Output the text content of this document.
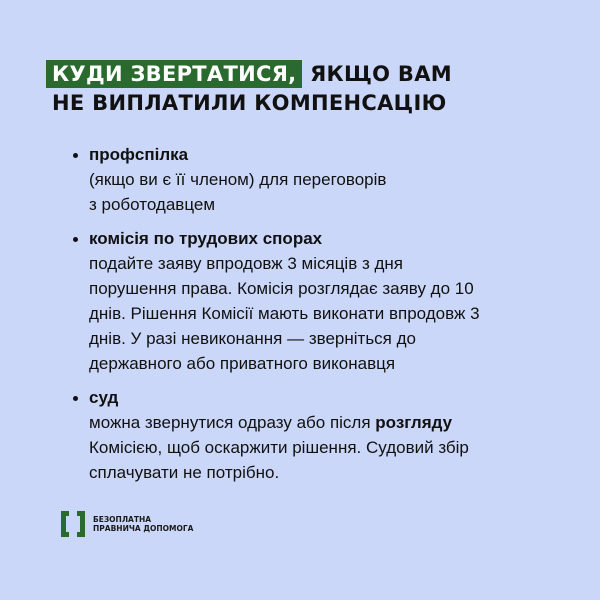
КУДИ ЗВЕРТАТИСЯ, ЯКЩО ВАМ
НЕ ВИПЛАТИЛИ КОМПЕНСАЦІЮ
профспілка
(якщо ви є її членом) для переговорів
з роботодавцем
комісія по трудових спорах
подайте заяву впродовж 3 місяців з дня
порушення права. Комісія розглядає заяву до 10
днів. Рішення Комісії мають виконати впродовж 3
днів. У разі невиконання — зверніться до
державного або приватного виконавця
суд
можна звернутися одразу або після розгляду
Комісією, щоб оскаржити рішення. Судовий збір
сплачувати не потрібно.
БЕЗОПЛАТНА
ПРАВНИЧА ДОПОМОГА
